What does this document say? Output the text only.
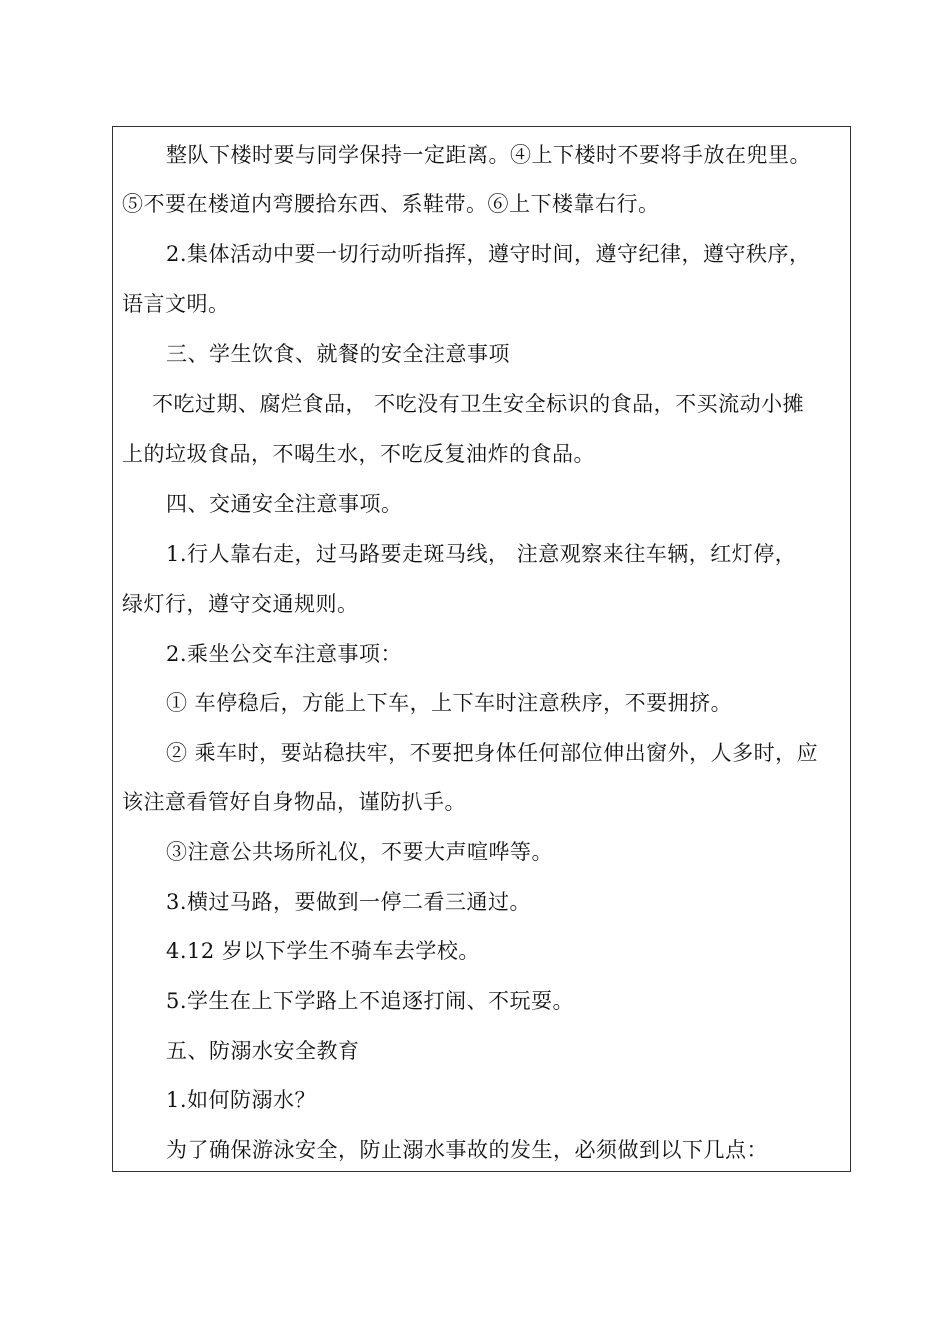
整队下楼时要与同学保持一定距离。④上下楼时不要将手放在兜里。
⑤不要在楼道内弯腰拾东西、系鞋带。⑥上下楼靠右行。
2.集体活动中要一切行动听指挥，遵守时间，遵守纪律，遵守秩序，
语言文明。
三、学生饮食、就餐的安全注意事项
不吃过期、腐烂食品， 不吃没有卫生安全标识的食品，不买流动小摊
上的垃圾食品，不喝生水，不吃反复油炸的食品。
四、交通安全注意事项。
1.行人靠右走，过马路要走斑马线， 注意观察来往车辆，红灯停，
绿灯行，遵守交通规则。
2.乘坐公交车注意事项：
① 车停稳后，方能上下车，上下车时注意秩序，不要拥挤。
② 乘车时，要站稳扶牢，不要把身体任何部位伸出窗外，人多时，应
该注意看管好自身物品，谨防扒手。
③注意公共场所礼仪，不要大声喧哗等。
3.横过马路，要做到一停二看三通过。
4.12 岁以下学生不骑车去学校。
5.学生在上下学路上不追逐打闹、不玩耍。
五、防溺水安全教育
1.如何防溺水？
为了确保游泳安全，防止溺水事故的发生，必须做到以下几点：
